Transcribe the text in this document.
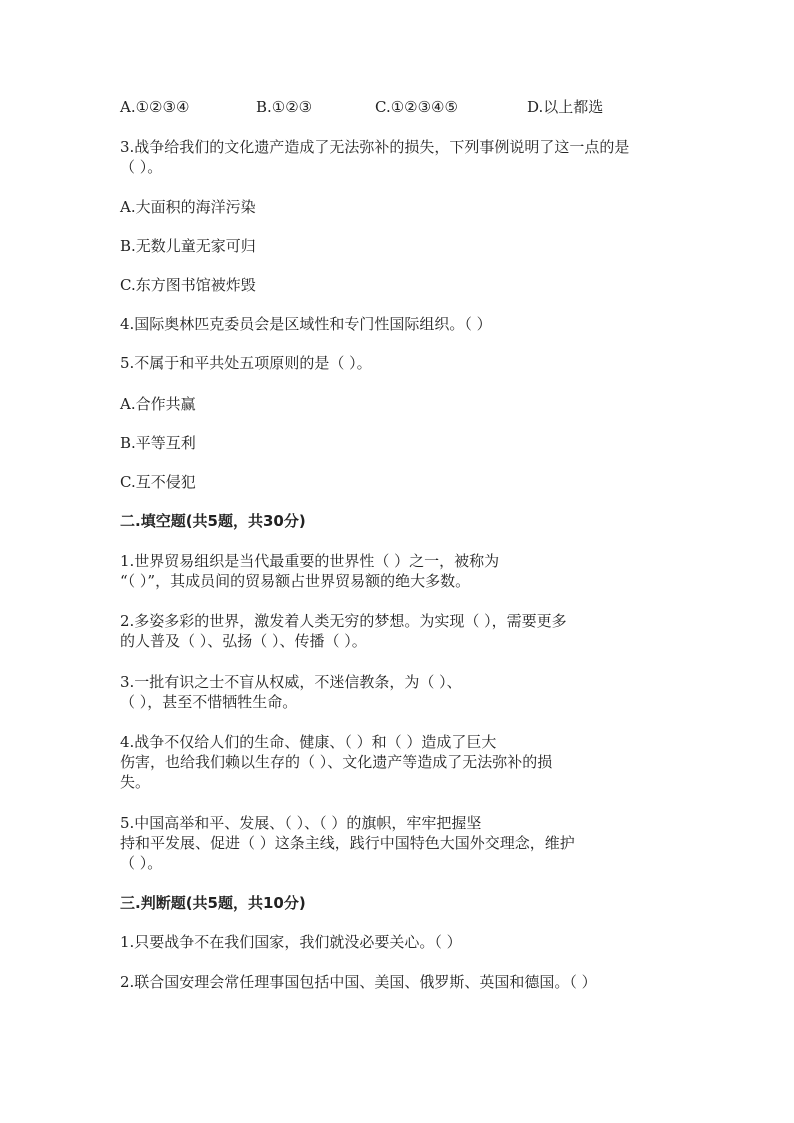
A.①②③④	B.①②③	C.①②③④⑤	D.以上都选
3.战争给我们的文化遗产造成了无法弥补的损失，下列事例说明了这一点的是
（ ）。
A.大面积的海洋污染
B.无数儿童无家可归
C.东方图书馆被炸毁
4.国际奥林匹克委员会是区域性和专门性国际组织。（ ）
5.不属于和平共处五项原则的是（ ）。
A.合作共赢
B.平等互利
C.互不侵犯
二.填空题(共5题，共30分)
1.世界贸易组织是当代最重要的世界性（ ）之一，被称为
“（ ）”，其成员间的贸易额占世界贸易额的绝大多数。
2.多姿多彩的世界，激发着人类无穷的梦想。为实现（ ），需要更多
的人普及（ ）、弘扬（ ）、传播（ ）。
3.一批有识之士不盲从权威，不迷信教条，为（ ）、
（ ），甚至不惜牺牲生命。
4.战争不仅给人们的生命、健康、（ ）和（ ）造成了巨大
伤害，也给我们赖以生存的（ ）、文化遗产等造成了无法弥补的损
失。
5.中国高举和平、发展、（ ）、（ ）的旗帜，牢牢把握坚
持和平发展、促进（ ）这条主线，践行中国特色大国外交理念，维护
（ ）。
三.判断题(共5题，共10分)
1.只要战争不在我们国家，我们就没必要关心。（ ）
2.联合国安理会常任理事国包括中国、美国、俄罗斯、英国和德国。（ ）
